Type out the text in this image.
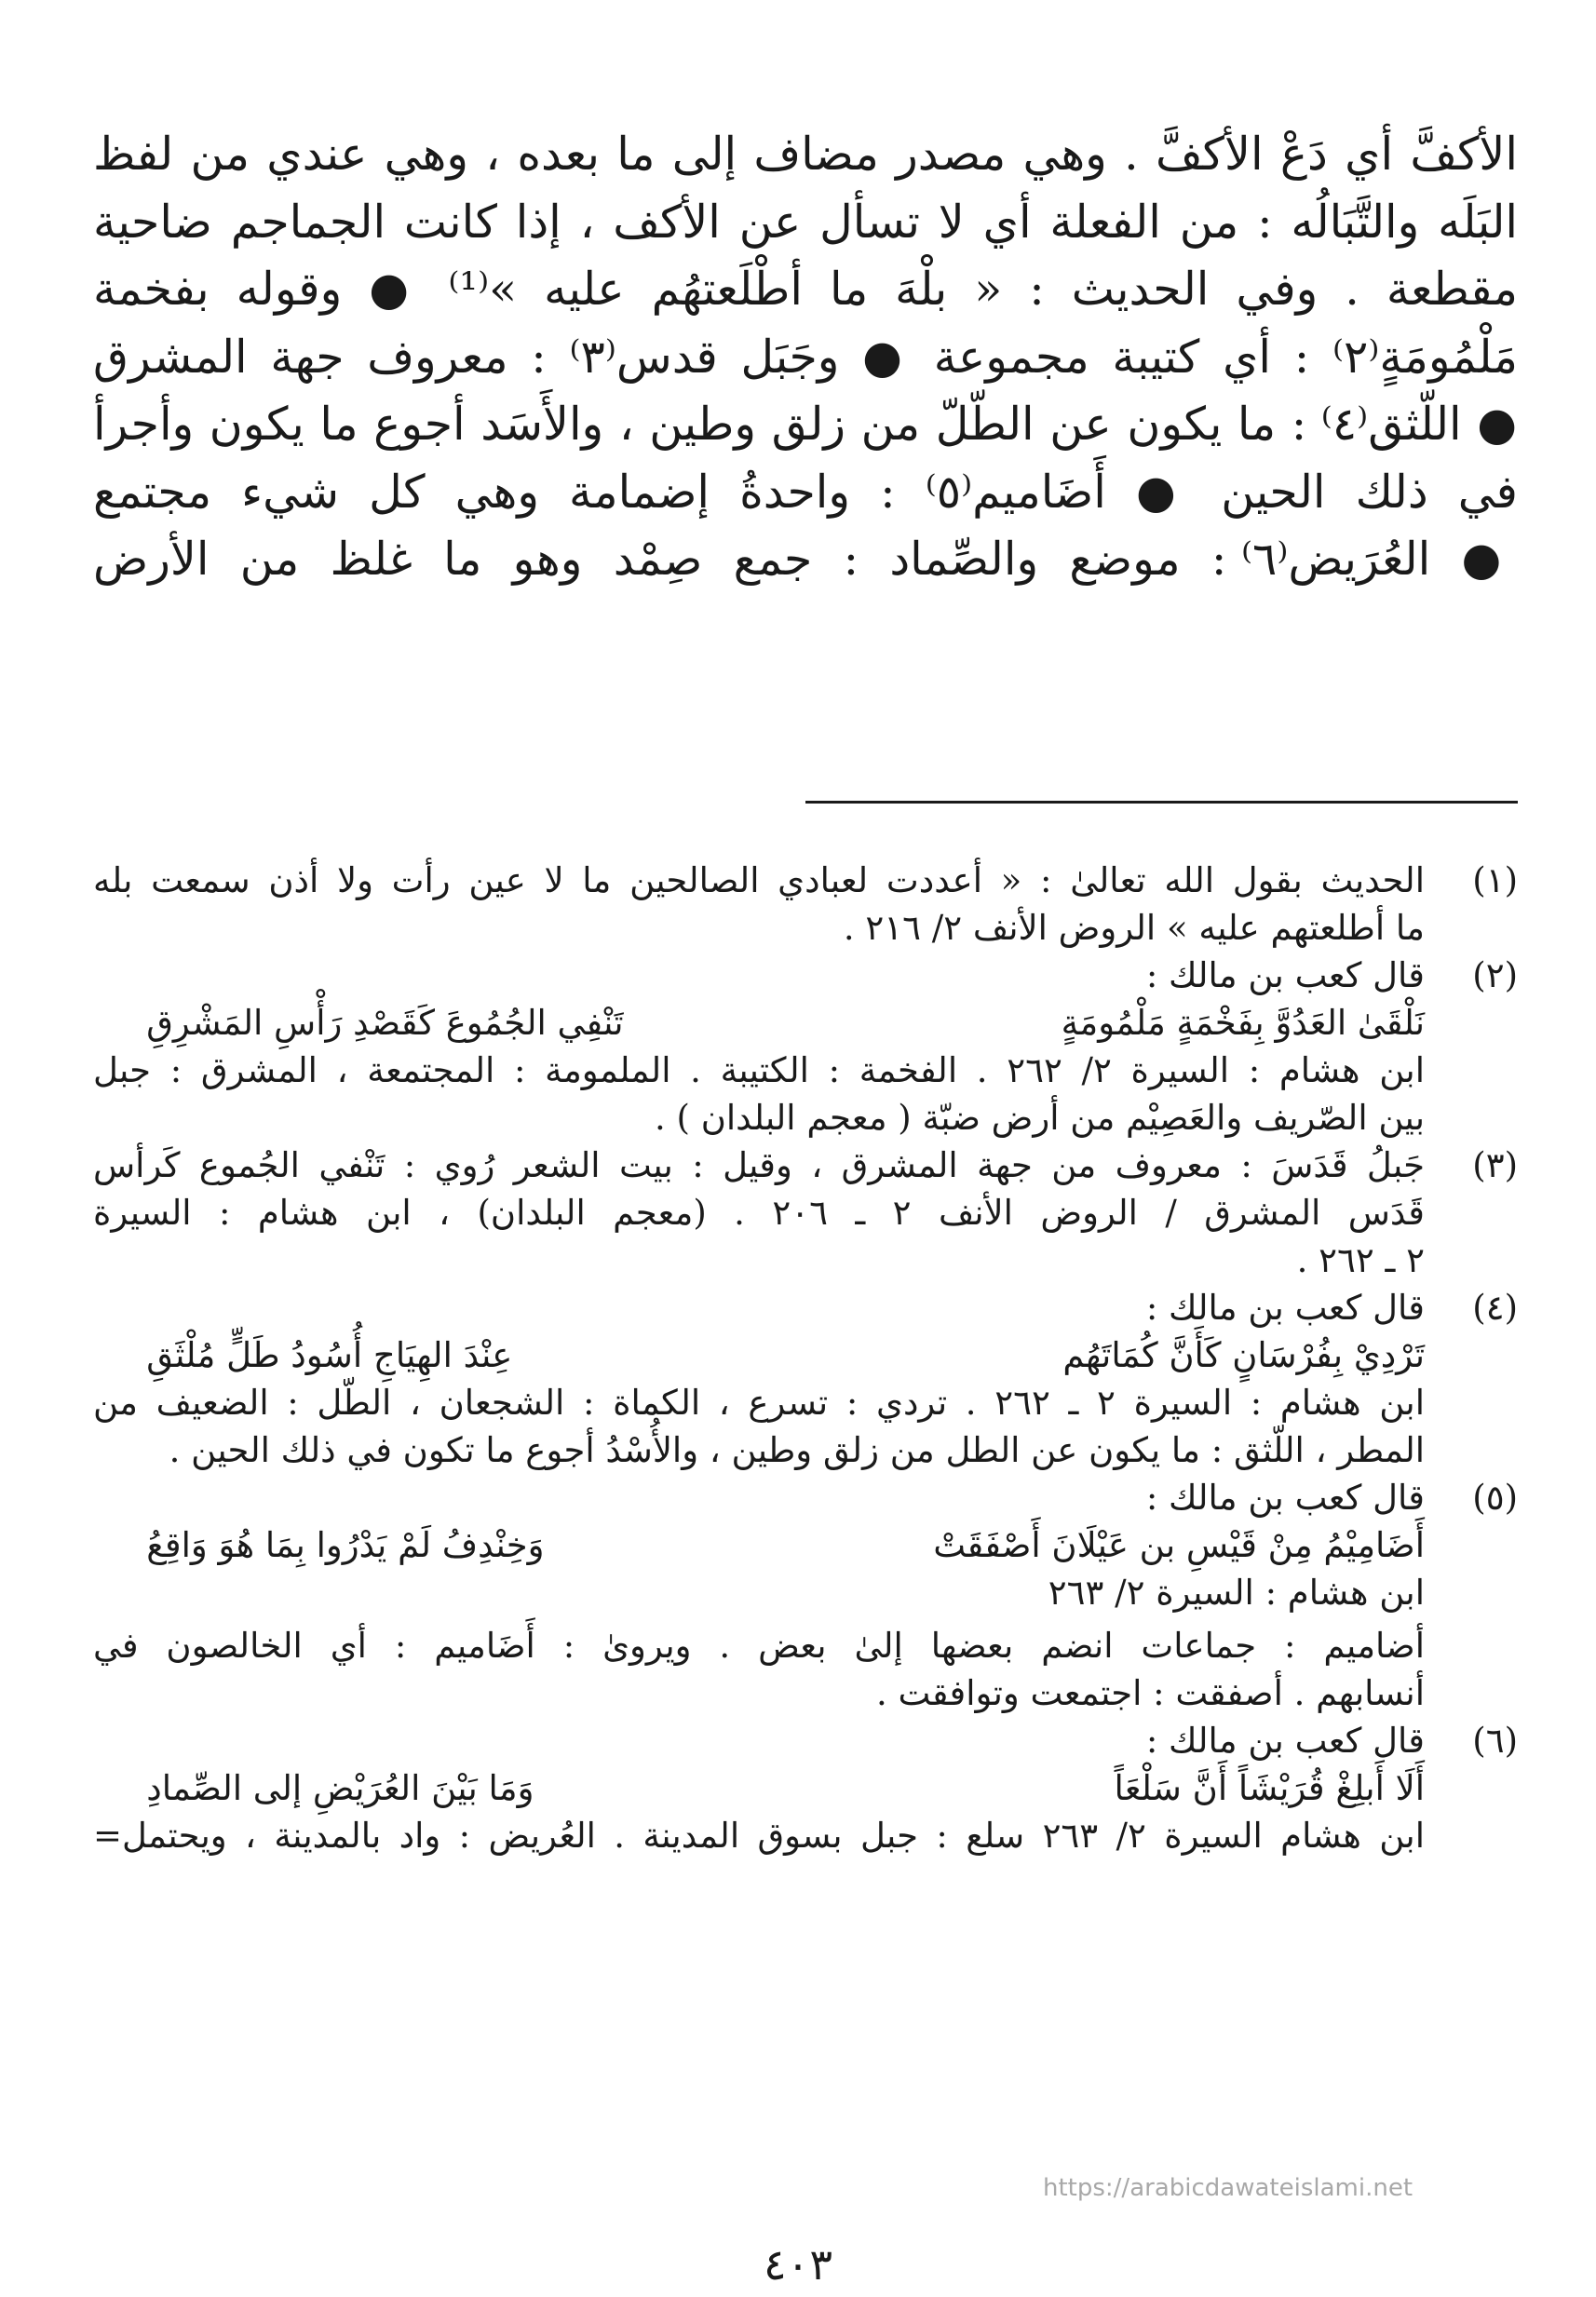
الأكفَّ أي دَعْ الأكفَّ . وهي مصدر مضاف إلى ما بعده ، وهي عندي من لفظ
البَلَه والتَّبَالُه : من الفعلة أي لا تسأل عن الأكف ، إذا كانت الجماجم ضاحية
مقطعة . وفي الحديث : « بلْهَ ما أطْلَعتهُم عليه »⁽¹⁾ ● وقوله بفخمة
مَلْمُومَةٍ⁽٢⁾ : أي كتيبة مجموعة ● وجَبَل قدس⁽٣⁾ : معروف جهة المشرق
● اللّثق⁽٤⁾ : ما يكون عن الطّلّ من زلق وطين ، والأَسَد أجوع ما يكون وأجرأ
في ذلك الحين ● أَضَاميم⁽٥⁾ : واحدةُ إضمامة وهي كل شيء مجتمع
● العُرَيض⁽٦⁾ : موضع والصِّماد : جمع صِمْد وهو ما غلظ من الأرض
(١)
الحديث بقول الله تعالىٰ : « أعددت لعبادي الصالحين ما لا عين رأت ولا أذن سمعت بله
ما أطلعتهم عليه » الروض الأنف ٢/ ٢١٦ .
(٢)
قال كعب بن مالك :
نَلْقَىٰ العَدُوَّ بِفَخْمَةٍ مَلْمُومَةٍتَنْفِي الجُمُوعَ كَقَصْدِ رَأْسِ المَشْرِقِ
ابن هشام : السيرة ٢/ ٢٦٢ . الفخمة : الكتيبة . الملمومة : المجتمعة ، المشرق : جبل
بين الصّريف والعَصِيْم من أرض ضبّة ( معجم البلدان ) .
(٣)
جَبلُ قَدَسَ : معروف من جهة المشرق ، وقيل : بيت الشعر رُوي : تَنْفي الجُموع كَرأس
قَدَس المشرق / الروض الأنف ٢ ـ ٢٠٦ . (معجم البلدان) ، ابن هشام : السيرة
٢ ـ ٢٦٢ .
(٤)
قال كعب بن مالك :
تَرْدِيْ بِفُرْسَانٍ كَأَنَّ كُمَاتَهُمعِنْدَ الهِيَاجِ أُسُودُ طَلٍّ مُلْثَقِ
ابن هشام : السيرة ٢ ـ ٢٦٢ . تردي : تسرع ، الكماة : الشجعان ، الطّل : الضعيف من
المطر ، اللّثق : ما يكون عن الطل من زلق وطين ، والأُسْدُ أجوع ما تكون في ذلك الحين .
(٥)
قال كعب بن مالك :
أَضَامِيْمُ مِنْ قَيْسِ بن عَيْلَانَ أَصْفَقَتْوَخِنْدِفُ لَمْ يَدْرُوا بِمَا هُوَ وَاقِعُ
ابن هشام : السيرة ٢/ ٢٦٣
أضاميم : جماعات انضم بعضها إلىٰ بعض . ويروىٰ : أَضَاميم : أي الخالصون في
أنسابهم . أصفقت : اجتمعت وتوافقت .
(٦)
قال كعب بن مالك :
أَلَا أَبلِغْ قُرَيْشَاً أَنَّ سَلْعَاًوَمَا بَيْنَ العُرَيْضِ إلى الصِّمادِ
ابن هشام السيرة ٢/ ٢٦٣ سلع : جبل بسوق المدينة . العُريض : واد بالمدينة ، ويحتمل=
https://arabicdawateislami.net
٤٠٣
